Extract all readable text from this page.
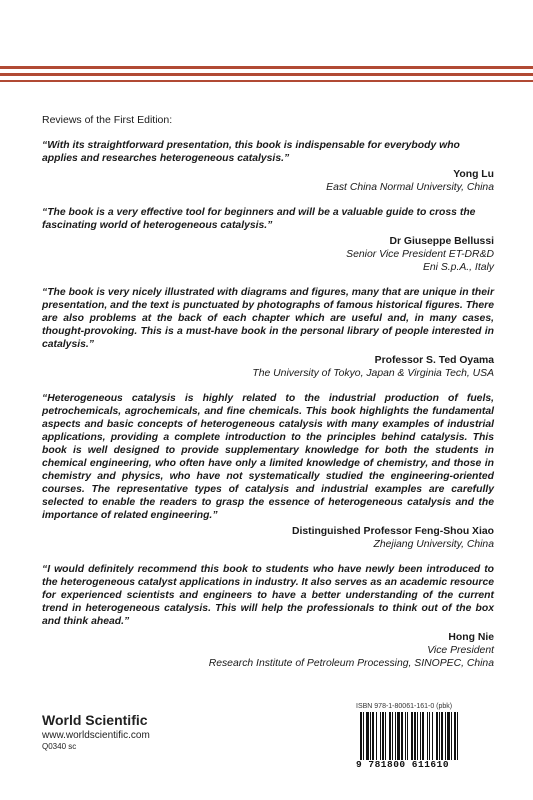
Reviews of the First Edition:

“With its straightforward presentation, this book is indispensable for everybody who applies and researches heterogeneous catalysis.”

Yong Lu
East China Normal University, China

“The book is a very effective tool for beginners and will be a valuable guide to cross the fascinating world of heterogeneous catalysis.”

Dr Giuseppe Bellussi
Senior Vice President ET-DR&D
Eni S.p.A., Italy

“The book is very nicely illustrated with diagrams and figures, many that are unique in their presentation, and the text is punctuated by photographs of famous historical figures. There are also problems at the back of each chapter which are useful and, in many cases, thought-provoking. This is a must-have book in the personal library of people interested in catalysis.”

Professor S. Ted Oyama
The University of Tokyo, Japan & Virginia Tech, USA

“Heterogeneous catalysis is highly related to the industrial production of fuels, petrochemicals, agrochemicals, and fine chemicals. This book highlights the fundamental aspects and basic concepts of heterogeneous catalysis with many examples of industrial applications, providing a complete introduction to the principles behind catalysis. This book is well designed to provide supplementary knowledge for both the students in chemical engineering, who often have only a limited knowledge of chemistry, and those in chemistry and physics, who have not systematically studied the engineering-oriented courses. The representative types of catalysis and industrial examples are carefully selected to enable the readers to grasp the essence of heterogeneous catalysis and the importance of related engineering.”

Distinguished Professor Feng-Shou Xiao
Zhejiang University, China

“I would definitely recommend this book to students who have newly been introduced to the heterogeneous catalyst applications in industry. It also serves as an academic resource for experienced scientists and engineers to have a better understanding of the current trend in heterogeneous catalysis. This will help the professionals to think out of the box and think ahead.”

Hong Nie
Vice President
Research Institute of Petroleum Processing, SINOPEC, China
World Scientific
www.worldscientific.com
Q0340 sc
ISBN 978-1-80061-161-0 (pbk)
9 781800 611610
